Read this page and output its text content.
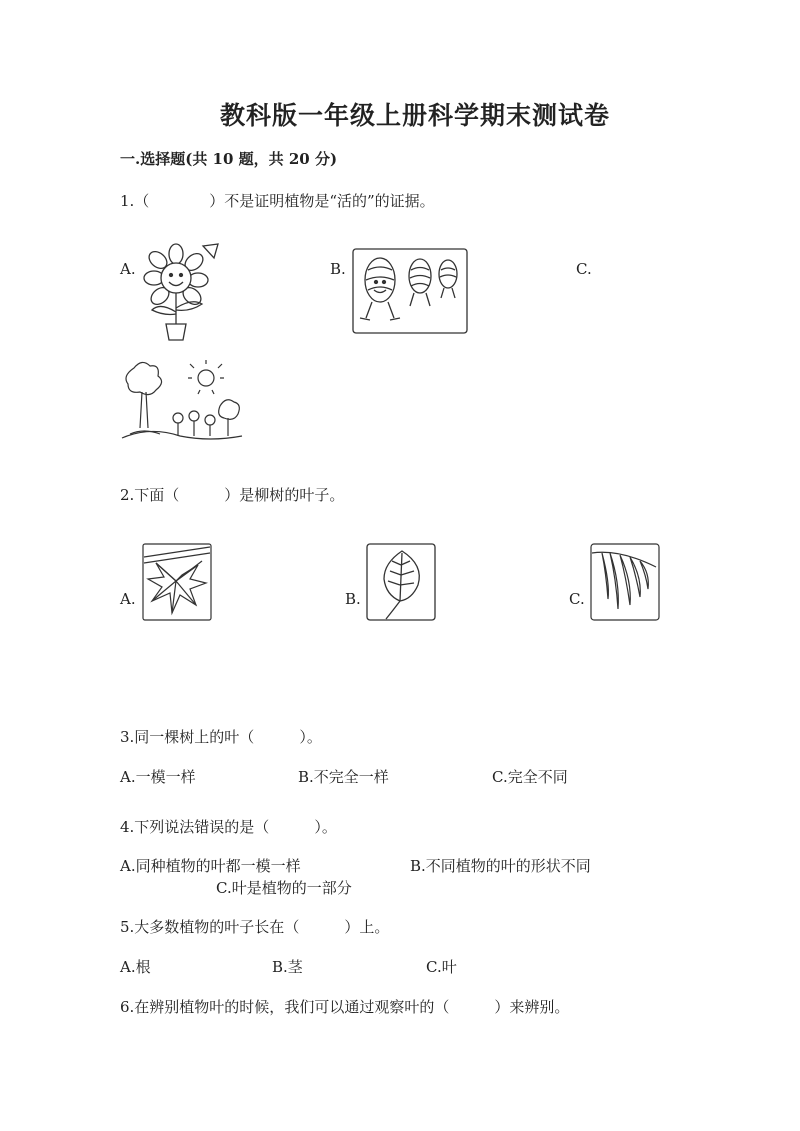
教科版一年级上册科学期末测试卷
一.选择题(共 10 题，共 20 分)
1.（　　　　）不是证明植物是“活的”的证据。
A.	B.	C.
2.下面（　　　）是柳树的叶子。
A.	B.	C.
3.同一棵树上的叶（　　　）。
A.一模一样	B.不完全一样	C.完全不同
4.下列说法错误的是（　　　）。
A.同种植物的叶都一模一样	B.不同植物的叶的形状不同
C.叶是植物的一部分
5.大多数植物的叶子长在（　　　）上。
A.根	B.茎	C.叶
6.在辨别植物叶的时候，我们可以通过观察叶的（　　　）来辨别。
